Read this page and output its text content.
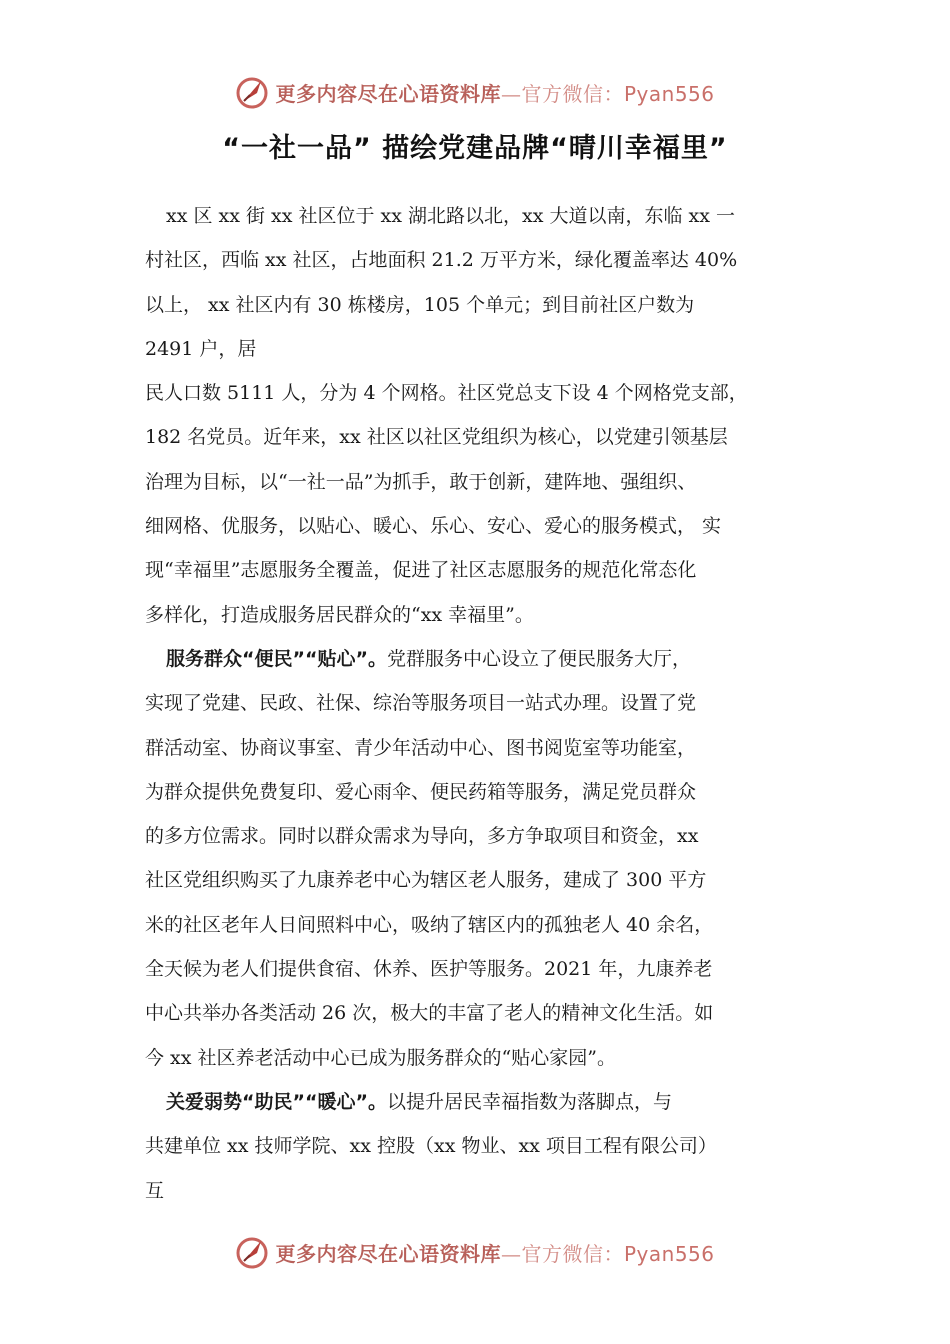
更多内容尽在心语资料库—官方微信：Pyan556
“一社一品” 描绘党建品牌“晴川幸福里”
xx 区 xx 街 xx 社区位于 xx 湖北路以北，xx 大道以南，东临 xx 一
村社区，西临 xx 社区，占地面积 21.2 万平方米，绿化覆盖率达 40%
以上， xx 社区内有 30 栋楼房，105 个单元；到目前社区户数为
2491 户，居
民人口数 5111 人，分为 4 个网格。社区党总支下设 4 个网格党支部，
182 名党员。近年来，xx 社区以社区党组织为核心，以党建引领基层
治理为目标，以“一社一品”为抓手，敢于创新，建阵地、强组织、
细网格、优服务，以贴心、暖心、乐心、安心、爱心的服务模式， 实
现“幸福里”志愿服务全覆盖，促进了社区志愿服务的规范化常态化
多样化，打造成服务居民群众的“xx 幸福里”。
服务群众“便民”“贴心”。党群服务中心设立了便民服务大厅，
实现了党建、民政、社保、综治等服务项目一站式办理。设置了党
群活动室、协商议事室、青少年活动中心、图书阅览室等功能室，
为群众提供免费复印、爱心雨伞、便民药箱等服务，满足党员群众
的多方位需求。同时以群众需求为导向，多方争取项目和资金，xx
社区党组织购买了九康养老中心为辖区老人服务，建成了 300 平方
米的社区老年人日间照料中心，吸纳了辖区内的孤独老人 40 余名，
全天候为老人们提供食宿、休养、医护等服务。2021 年，九康养老
中心共举办各类活动 26 次，极大的丰富了老人的精神文化生活。如
今 xx 社区养老活动中心已成为服务群众的“贴心家园”。
关爱弱势“助民”“暖心”。以提升居民幸福指数为落脚点，与
共建单位 xx 技师学院、xx 控股（xx 物业、xx 项目工程有限公司）
互
更多内容尽在心语资料库—官方微信：Pyan556
